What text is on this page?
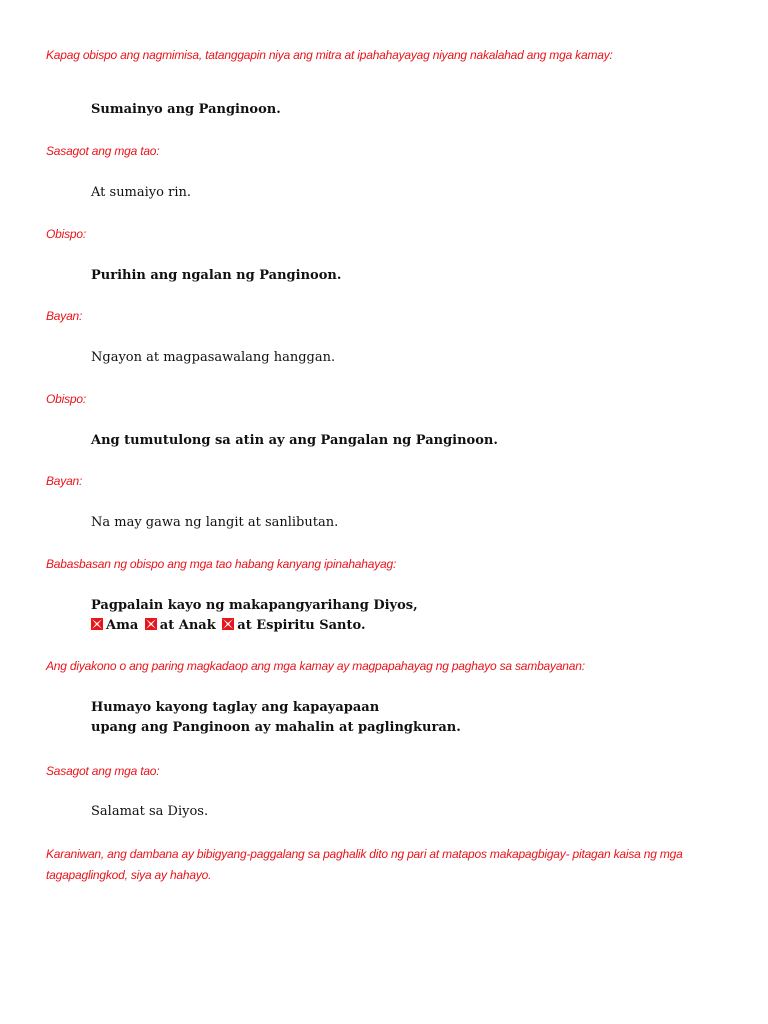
Kapag obispo ang nagmimisa, tatanggapin niya ang mitra at ipahahayayag niyang nakalahad ang mga kamay:
Sumainyo ang Panginoon.
Sasagot ang mga tao:
At sumaiyo rin.
Obispo:
Purihin ang ngalan ng Panginoon.
Bayan:
Ngayon at magpasawalang hanggan.
Obispo:
Ang tumutulong sa atin ay ang Pangalan ng Panginoon.
Bayan:
Na may gawa ng langit at sanlibutan.
Babasbasan ng obispo ang mga tao habang kanyang ipinahahayag:
Pagpalain kayo ng makapangyarihang Diyos,
Ama at Anak at Espiritu Santo.
Ang diyakono o ang paring magkadaop ang mga kamay ay magpapahayag ng paghayo sa sambayanan:
Humayo kayong taglay ang kapayapaan
upang ang Panginoon ay mahalin at paglingkuran.
Sasagot ang mga tao:
Salamat sa Diyos.
Karaniwan, ang dambana ay bibigyang-paggalang sa paghalik dito ng pari at matapos makapagbigay- pitagan kaisa ng mga tagapaglingkod, siya ay hahayo.
